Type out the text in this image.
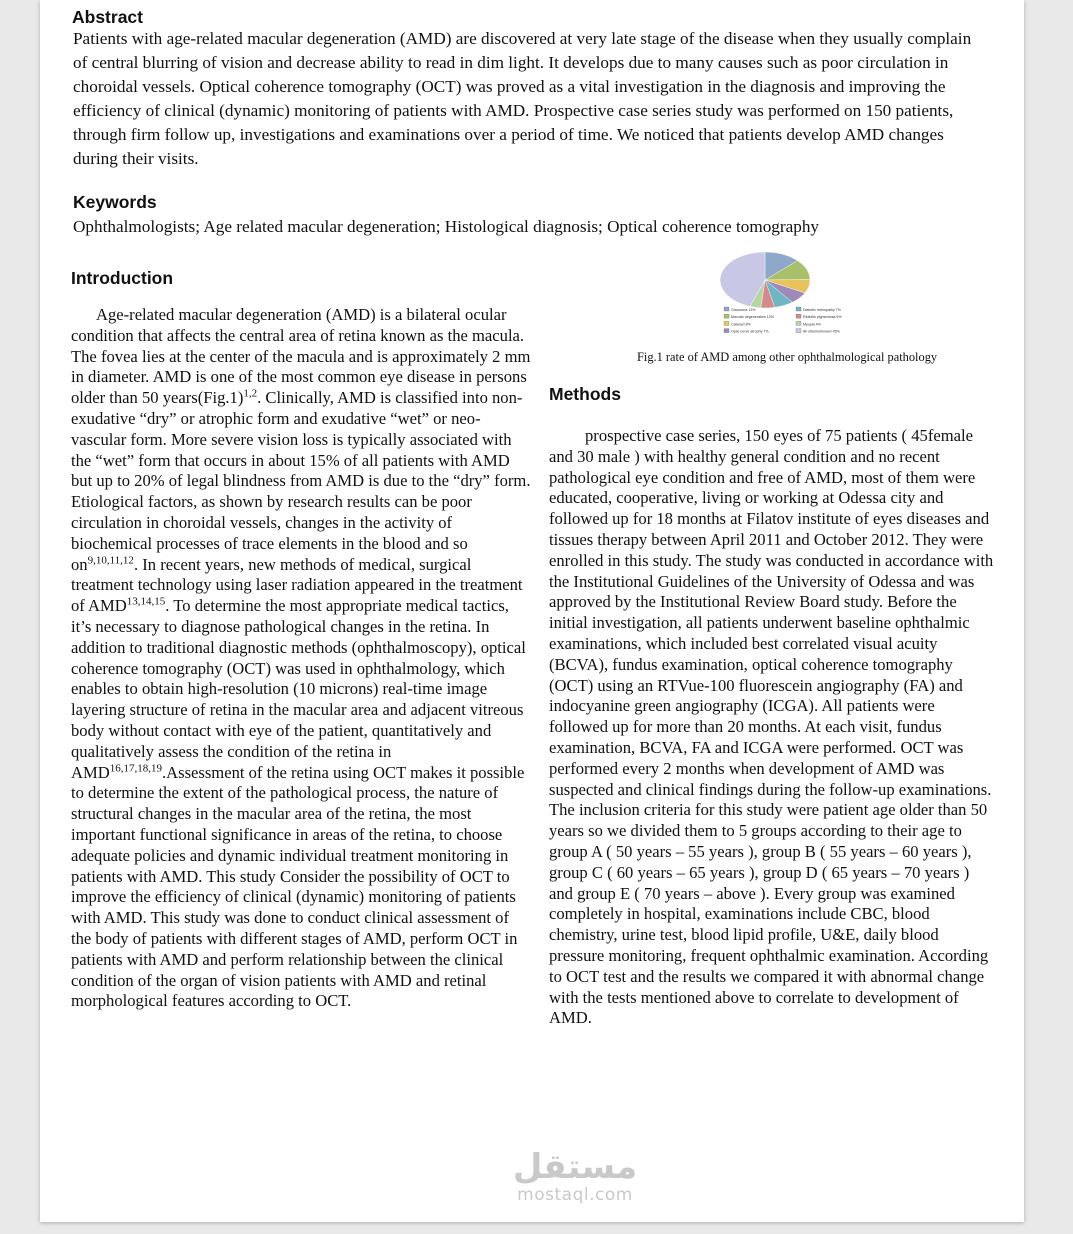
Abstract

Patients with age-related macular degeneration (AMD) are discovered at very late stage of the disease when they usually complain of central blurring of vision and decrease ability to read in dim light. It develops due to many causes such as poor circulation in choroidal vessels. Optical coherence tomography (OCT) was proved as a vital investigation in the diagnosis and improving the efficiency of clinical (dynamic) monitoring of patients with AMD. Prospective case series study was performed on 150 patients, through firm follow up, investigations and examinations over a period of time. We noticed that patients develop AMD changes during their visits.

Keywords

Ophthalmologists; Age related macular degeneration; Histological diagnosis; Optical coherence tomography

Introduction

Age-related macular degeneration (AMD) is a bilateral ocular condition that affects the central area of retina known as the macula. The fovea lies at the center of the macula and is approximately 2 mm in diameter. AMD is one of the most common eye disease in persons older than 50 $years(Fig.1)^{1,2}$. Clinically, AMD is classified into non-exudative “dry” or atrophic form and exudative “wet” or neo-vascular form. More severe vision loss is typically associated with the “wet” form that occurs in about 15% of all patients with AMD but up to 20% of legal blindness from AMD is due to the “dry” form. Etiological factors, as shown by research results can be poor circulation in choroidal vessels, changes in the activity of biochemical processes of trace elements in the blood and so on$^{9,10,11,12}$. In recent years, new methods of medical, surgical treatment technology using laser radiation appeared in the treatment of AMD$^{13,14,15}$. To determine the most appropriate medical tactics, it’s necessary to diagnose pathological changes in the retina. In addition to traditional diagnostic methods (ophthalmoscopy), optical coherence tomography (OCT) was used in ophthalmology, which enables to obtain high-resolution (10 microns) real-time image layering structure of retina in the macular area and adjacent vitreous body without contact with eye of the patient, quantitatively and qualitatively assess the condition of the retina in AMD$^{16,17,18,19}$.Assessment of the retina using OCT makes it possible to determine the extent of the pathological process, the nature of structural changes in the macular area of the retina, the most important functional significance in areas of the retina, to choose adequate policies and dynamic individual treatment monitoring in patients with AMD. This study Consider the possibility of OCT to improve the efficiency of clinical (dynamic) monitoring of patients with AMD. This study was done to conduct clinical assessment of the body of patients with different stages of AMD, perform OCT in patients with AMD and perform relationship between the clinical condition of the organ of vision patients with AMD and retinal morphological features according to OCT.

Glaucoma 13%
Macular degeneration 12%
Cataract 8%
Optic nerve atrophy 7%
Diabetic retinopathy 7%
Retinitis pigmentosa 5%
Myopia 4%
All other/unknown 45%
Fig.1 rate of AMD among other ophthalmological pathology
Methods

prospective case series, 150 eyes of 75 patients ( 45female and 30 male ) with healthy general condition and no recent pathological eye condition and free of AMD, most of them were educated, cooperative, living or working at Odessa city and followed up for 18 months at Filatov institute of eyes diseases and tissues therapy between April 2011 and October 2012. They were enrolled in this study. The study was conducted in accordance with the Institutional Guidelines of the University of Odessa and was approved by the Institutional Review Board study. Before the initial investigation, all patients underwent baseline ophthalmic examinations, which included best correlated visual acuity (BCVA), fundus examination, optical coherence tomography (OCT) using an RTVue-100 fluorescein angiography (FA) and indocyanine green angiography (ICGA). All patients were followed up for more than 20 months. At each visit, fundus examination, BCVA, FA and ICGA were performed. OCT was performed every 2 months when development of AMD was suspected and clinical findings during the follow-up examinations. The inclusion criteria for this study were patient age older than 50 years so we divided them to 5 groups according to their age to group A ( 50 years – 55 years ), group B ( 55 years – 60 years ), group C ( 60 years – 65 years ), group D ( 65 years – 70 years ) and group E ( 70 years – above ). Every group was examined completely in hospital, examinations include CBC, blood chemistry, urine test, blood lipid profile, U&E, daily blood pressure monitoring, frequent ophthalmic examination. According to OCT test and the results we compared it with abnormal change with the tests mentioned above to correlate to development of AMD.

مستقل
mostaql.com
